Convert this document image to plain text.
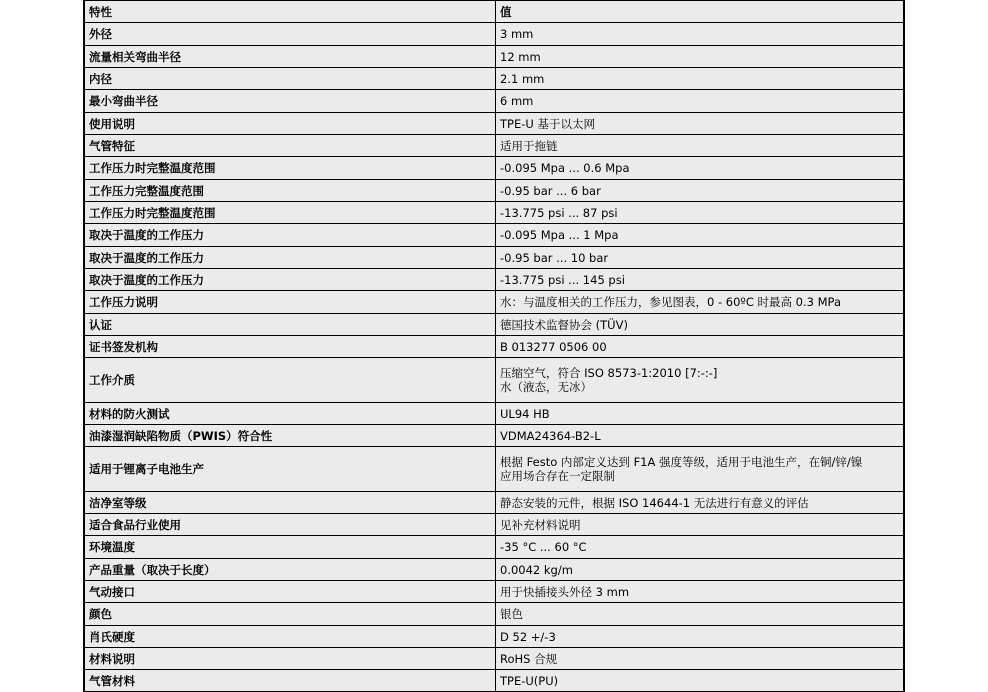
特性	值
外径	3 mm

流量相关弯曲半径	12 mm

内径	2.1 mm

最小弯曲半径	6 mm

使用说明	TPE-U 基于以太网

气管特征	适用于拖链

工作压力时完整温度范围	-0.095 Mpa ... 0.6 Mpa

工作压力完整温度范围	-0.95 bar ... 6 bar

工作压力时完整温度范围	-13.775 psi ... 87 psi

取决于温度的工作压力	-0.095 Mpa ... 1 Mpa

取决于温度的工作压力	-0.95 bar ... 10 bar

取决于温度的工作压力	-13.775 psi ... 145 psi

工作压力说明	水：与温度相关的工作压力，参见图表，0 - 60ºC 时最高 0.3 MPa

认证	德国技术监督协会 (TÜV)

证书签发机构	B 013277 0506 00

工作介质	压缩空气，符合 ISO 8573-1:2010 [7:-:-]
水（液态，无冰）

材料的防火测试	UL94 HB

油漆湿润缺陷物质（PWIS）符合性	VDMA24364-B2-L

适用于锂离子电池生产	根据 Festo 内部定义达到 F1A 强度等级，适用于电池生产，在铜/锌/镍
应用场合存在一定限制

洁净室等级	静态安装的元件，根据 ISO 14644-1 无法进行有意义的评估

适合食品行业使用	见补充材料说明

环境温度	-35 °C ... 60 °C

产品重量（取决于长度）	0.0042 kg/m

气动接口	用于快插接头外径 3 mm

颜色	银色

肖氏硬度	D 52 +/-3

材料说明	RoHS 合规

气管材料	TPE-U(PU)
